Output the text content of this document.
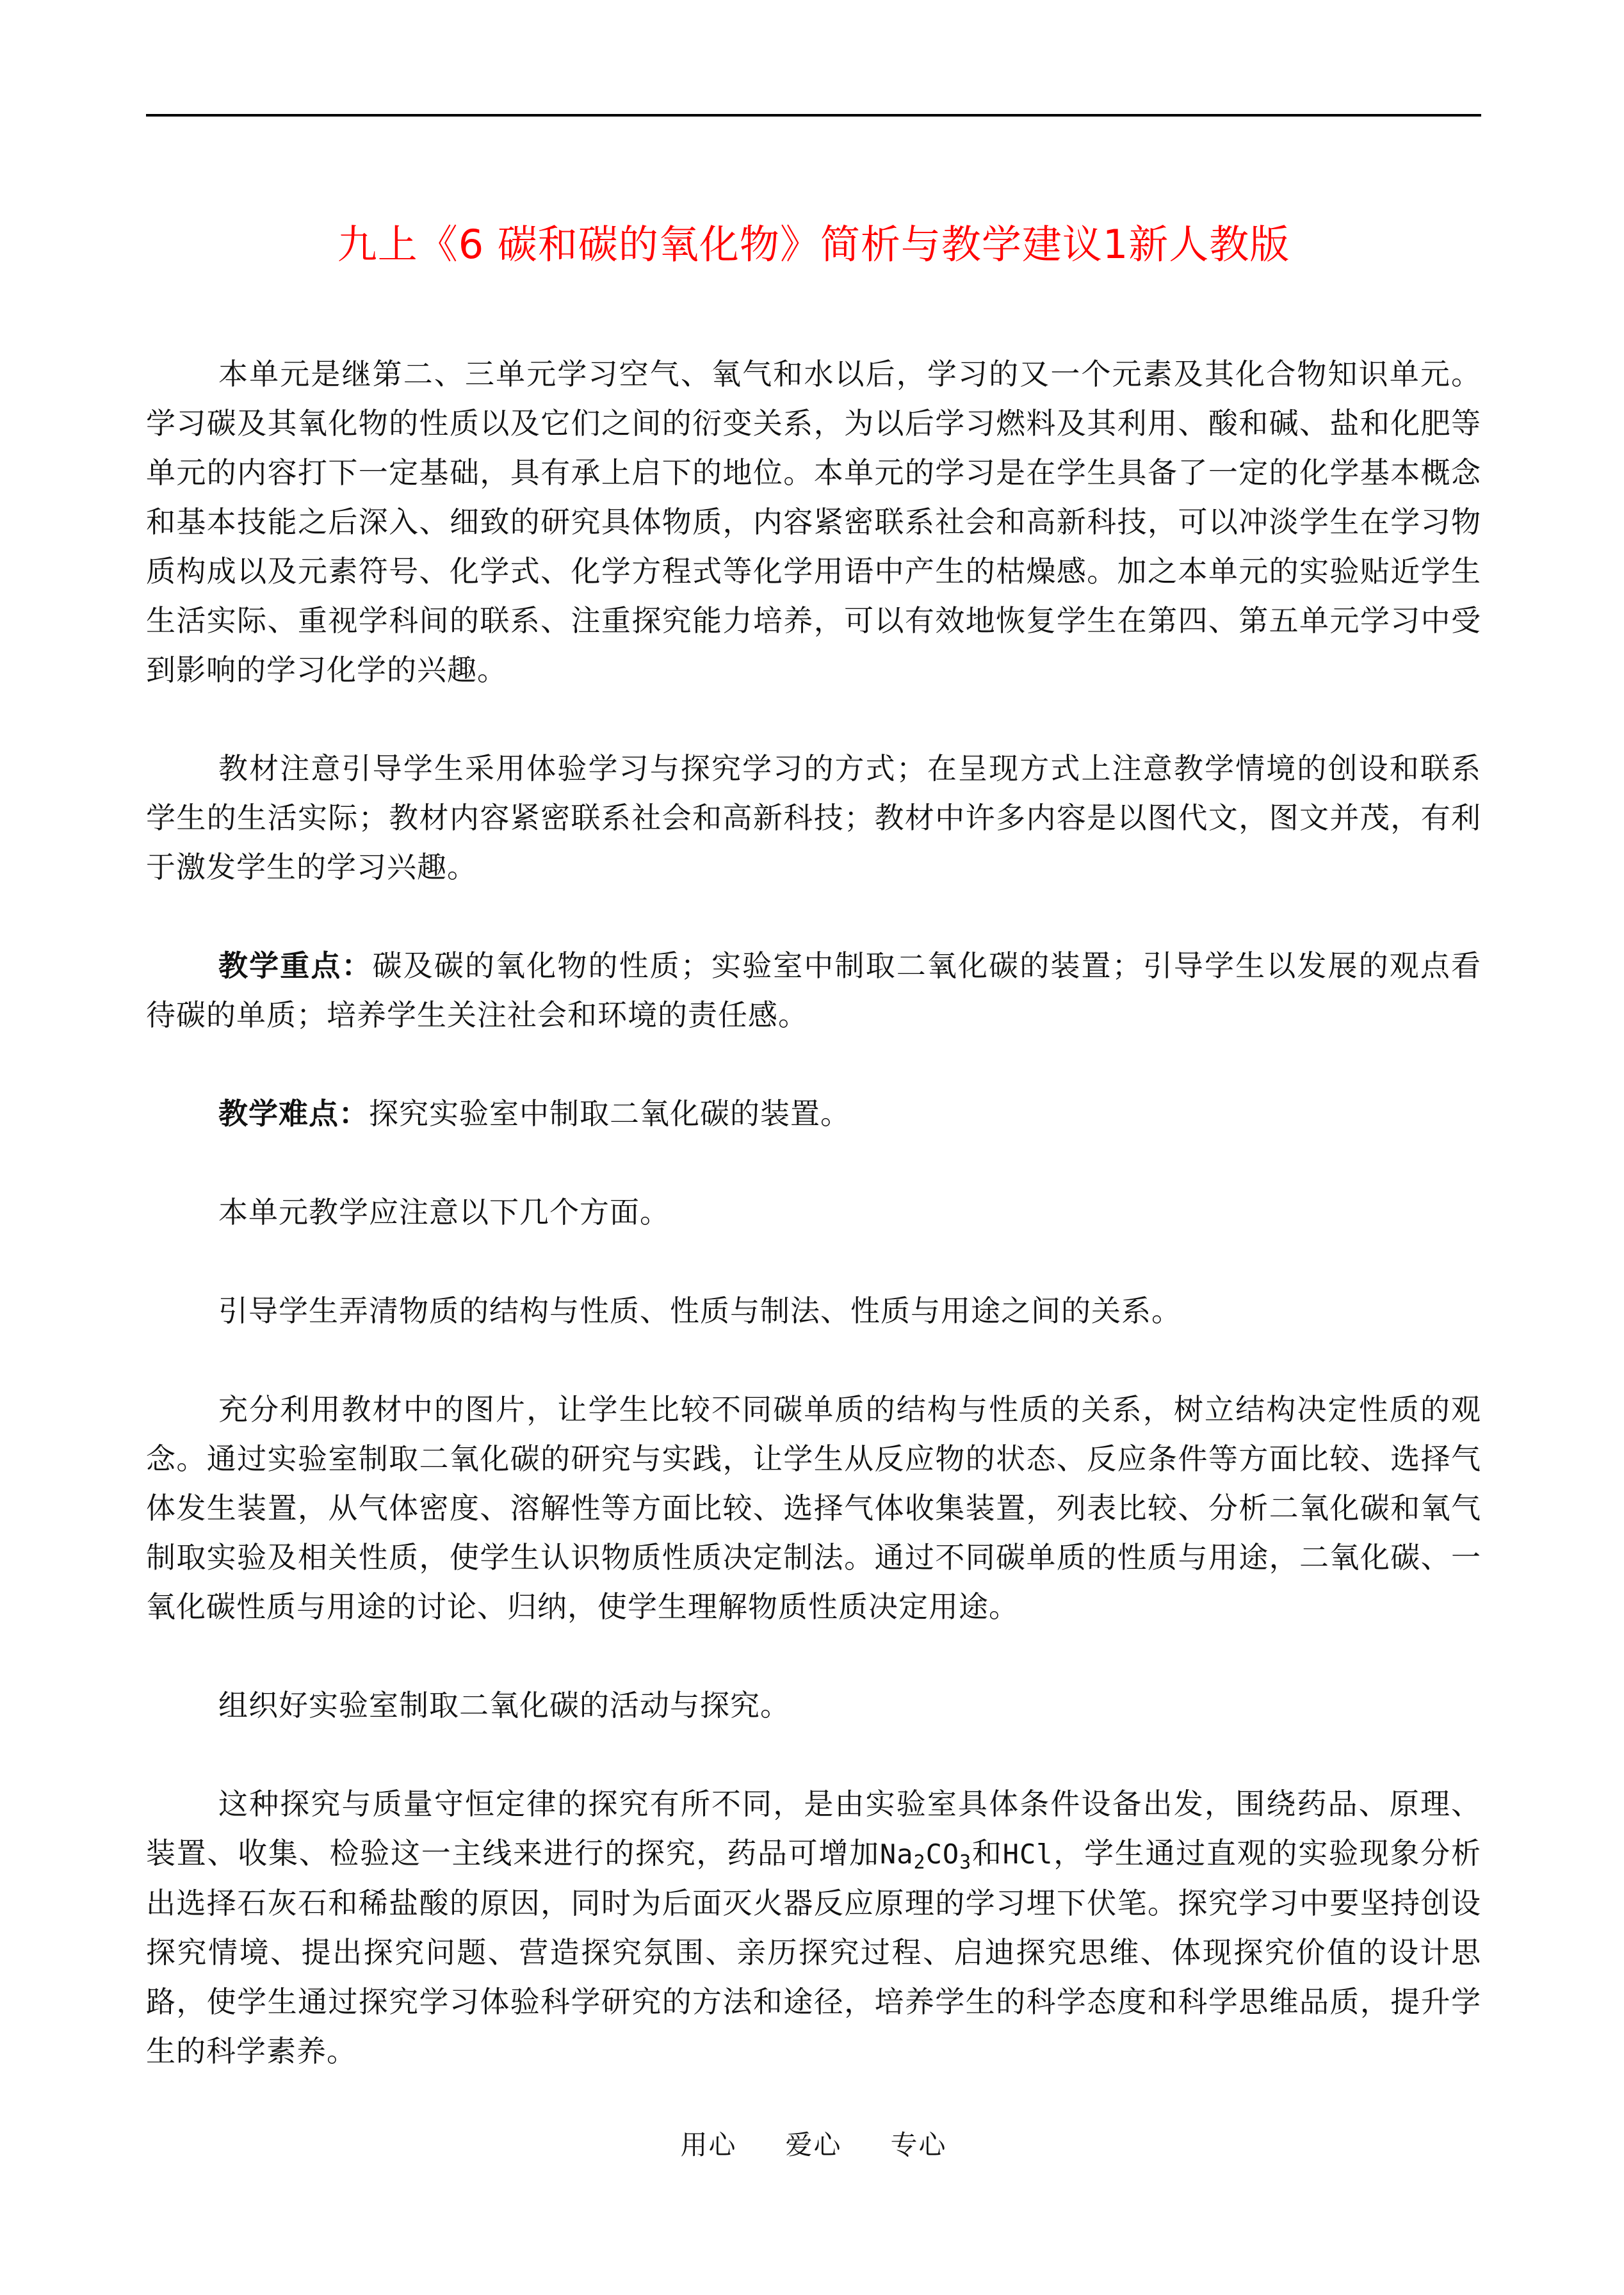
九上《6 碳和碳的氧化物》简析与教学建议1新人教版

本单元是继第二、三单元学习空气、氧气和水以后，学习的又一个元素及其化合物知识单元。学习碳及其氧化物的性质以及它们之间的衍变关系，为以后学习燃料及其利用、酸和碱、盐和化肥等单元的内容打下一定基础，具有承上启下的地位。本单元的学习是在学生具备了一定的化学基本概念和基本技能之后深入、细致的研究具体物质，内容紧密联系社会和高新科技，可以冲淡学生在学习物质构成以及元素符号、化学式、化学方程式等化学用语中产生的枯燥感。加之本单元的实验贴近学生生活实际、重视学科间的联系、注重探究能力培养，可以有效地恢复学生在第四、第五单元学习中受到影响的学习化学的兴趣。

教材注意引导学生采用体验学习与探究学习的方式；在呈现方式上注意教学情境的创设和联系学生的生活实际；教材内容紧密联系社会和高新科技；教材中许多内容是以图代文，图文并茂，有利于激发学生的学习兴趣。

教学重点：碳及碳的氧化物的性质；实验室中制取二氧化碳的装置；引导学生以发展的观点看待碳的单质；培养学生关注社会和环境的责任感。

教学难点：探究实验室中制取二氧化碳的装置。

本单元教学应注意以下几个方面。

引导学生弄清物质的结构与性质、性质与制法、性质与用途之间的关系。

充分利用教材中的图片，让学生比较不同碳单质的结构与性质的关系，树立结构决定性质的观念。通过实验室制取二氧化碳的研究与实践，让学生从反应物的状态、反应条件等方面比较、选择气体发生装置，从气体密度、溶解性等方面比较、选择气体收集装置，列表比较、分析二氧化碳和氧气制取实验及相关性质，使学生认识物质性质决定制法。通过不同碳单质的性质与用途，二氧化碳、一氧化碳性质与用途的讨论、归纳，使学生理解物质性质决定用途。

组织好实验室制取二氧化碳的活动与探究。

这种探究与质量守恒定律的探究有所不同，是由实验室具体条件设备出发，围绕药品、原理、装置、收集、检验这一主线来进行的探究，药品可增加$Na_2CO_3$和HCl，学生通过直观的实验现象分析出选择石灰石和稀盐酸的原因，同时为后面灭火器反应原理的学习埋下伏笔。探究学习中要坚持创设探究情境、提出探究问题、营造探究氛围、亲历探究过程、启迪探究思维、体现探究价值的设计思路，使学生通过探究学习体验科学研究的方法和途径，培养学生的科学态度和科学思维品质，提升学生的科学素养。

用心 爱心 专心
